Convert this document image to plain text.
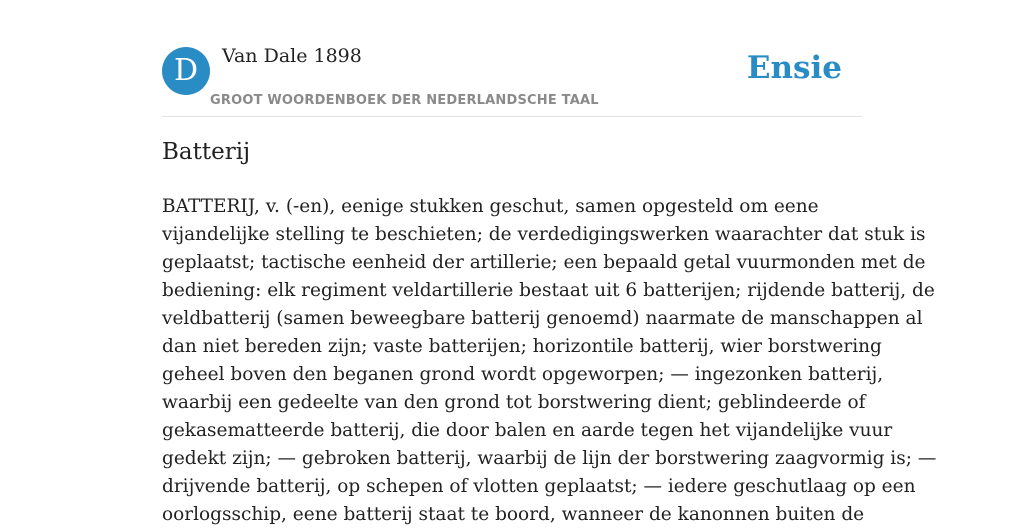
D	Van Dale 1898
GROOT WOORDENBOEK DER NEDERLANDSCHE TAAL
Ensie
Batterij
BATTERIJ, v. (-en), eenige stukken geschut, samen opgesteld om eene
vijandelijke stelling te beschieten; de verdedigingswerken waarachter dat stuk is
geplaatst; tactische eenheid der artillerie; een bepaald getal vuurmonden met de
bediening: elk regiment veldartillerie bestaat uit 6 batterijen; rijdende batterij, de
veldbatterij (samen beweegbare batterij genoemd) naarmate de manschappen al
dan niet bereden zijn; vaste batterijen; horizontile batterij, wier borstwering
geheel boven den beganen grond wordt opgeworpen; — ingezonken batterij,
waarbij een gedeelte van den grond tot borstwering dient; geblindeerde of
gekasematteerde batterij, die door balen en aarde tegen het vijandelijke vuur
gedekt zijn; — gebroken batterij, waarbij de lijn der borstwering zaagvormig is; —
drijvende batterij, op schepen of vlotten geplaatst; — iedere geschutlaag op een
oorlogsschip, eene batterij staat te boord, wanneer de kanonnen buiten de
